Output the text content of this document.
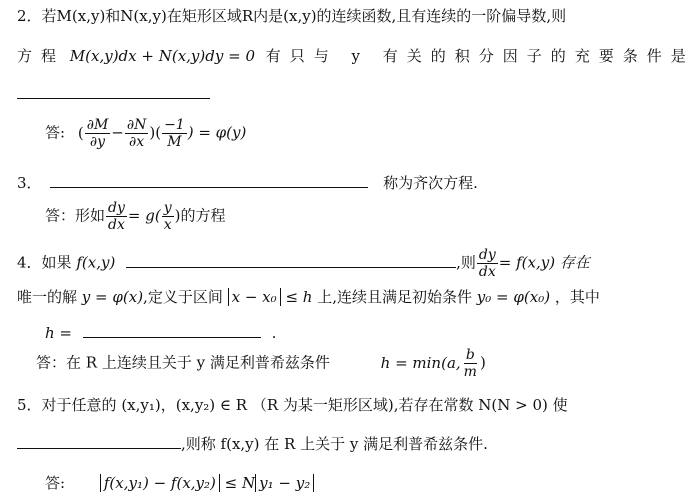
2．若M(x,y)和N(x,y)在矩形区域R内是(x,y)的连续函数,且有连续的一阶偏导数,则
方程 M(x,y)dx + N(x,y)dy = 0 有只与 y 有关的积分因子的充要条件是
答: ( $\frac{\partial M}{\partial y} - \frac{\partial N}{\partial x}$ )( $\frac{-1}{M}$ ) = φ(y)
3．	称为齐次方程.
答：形如 $\frac{dy}{dx} = g( \frac{y}{x}$ )的方程
4．如果 f(x,y)	,则 $\frac{dy}{dx} = f(x,y)$ 存在
唯一的解 y = φ(x),定义于区间 x − x₀ ≤ h 上,连续且满足初始条件 y₀ = φ(x₀) ，其中
h =	.
答：在 R 上连续且关于 y 满足利普希兹条件	h = min(a, $\frac{b}{m}$ )
5．对于任意的 (x,y₁)，(x,y₂) ∈ R （R 为某一矩形区域),若存在常数 N(N > 0) 使
,则称 f(x,y) 在 R 上关于 y 满足利普希兹条件.
答:	f(x,y₁) − f(x,y₂) ≤ N y₁ − y₂
